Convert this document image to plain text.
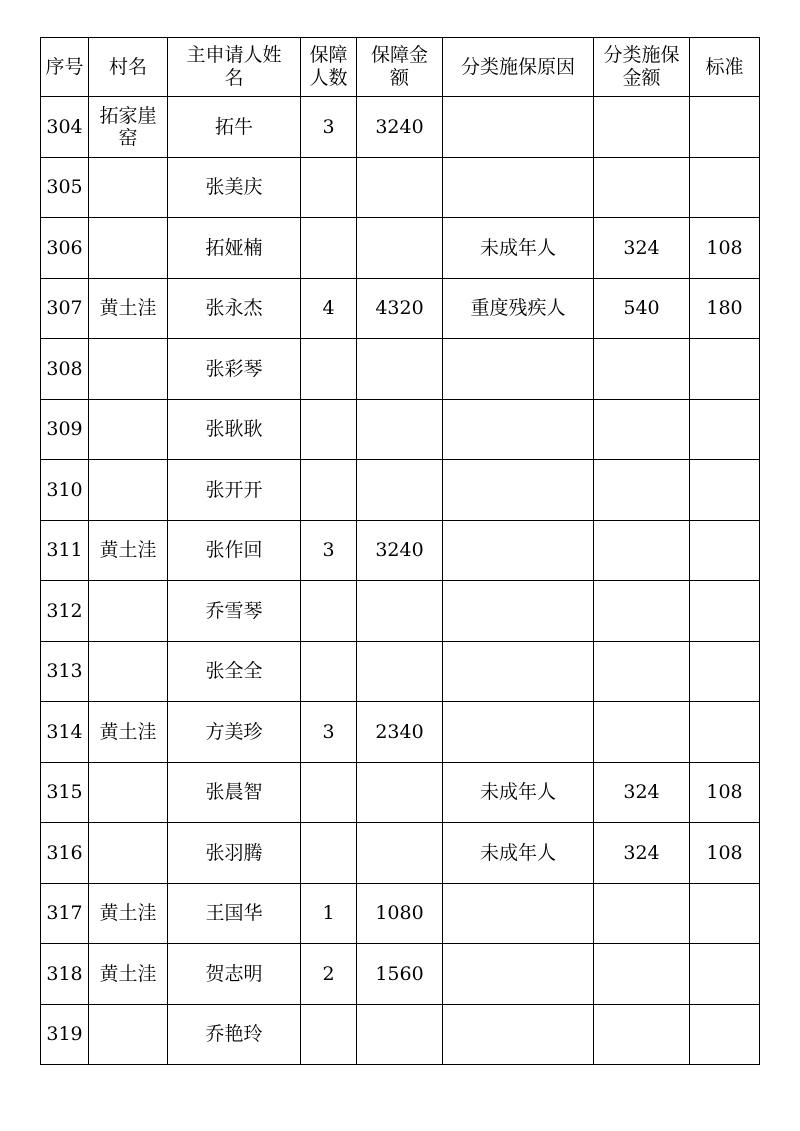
序号	村名	主申请人姓名	保障人数	保障金额	分类施保原因	分类施保金额	标准
304	拓家崖窑	拓牛	3	3240			
305		张美庆					
306		拓娅楠			未成年人	324	108
307	黄土洼	张永杰	4	4320	重度残疾人	540	180
308		张彩琴					
309		张耿耿					
310		张开开					
311	黄土洼	张作回	3	3240			
312		乔雪琴					
313		张全全					
314	黄土洼	方美珍	3	2340			
315		张晨智			未成年人	324	108
316		张羽腾			未成年人	324	108
317	黄土洼	王国华	1	1080			
318	黄土洼	贺志明	2	1560			
319		乔艳玲					
